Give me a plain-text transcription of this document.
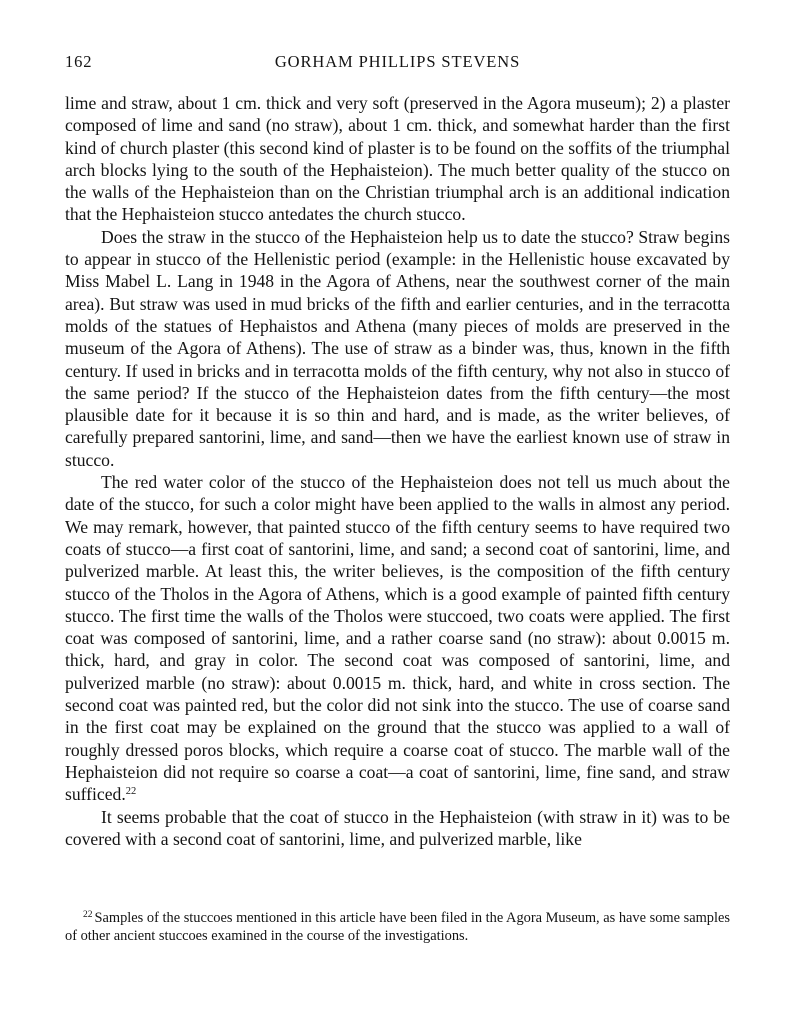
162	GORHAM PHILLIPS STEVENS

lime and straw, about 1 cm. thick and very soft (preserved in the Agora museum); 2) a plaster composed of lime and sand (no straw), about 1 cm. thick, and somewhat harder than the first kind of church plaster (this second kind of plaster is to be found on the soffits of the triumphal arch blocks lying to the south of the Hephaisteion). The much better quality of the stucco on the walls of the Hephaisteion than on the Christian triumphal arch is an additional indication that the Hephaisteion stucco antedates the church stucco.

Does the straw in the stucco of the Hephaisteion help us to date the stucco? Straw begins to appear in stucco of the Hellenistic period (example: in the Hellenistic house excavated by Miss Mabel L. Lang in 1948 in the Agora of Athens, near the southwest corner of the main area). But straw was used in mud bricks of the fifth and earlier centuries, and in the terracotta molds of the statues of Hephaistos and Athena (many pieces of molds are preserved in the museum of the Agora of Athens). The use of straw as a binder was, thus, known in the fifth century. If used in bricks and in terracotta molds of the fifth century, why not also in stucco of the same period? If the stucco of the Hephaisteion dates from the fifth century—the most plausible date for it because it is so thin and hard, and is made, as the writer believes, of carefully prepared santorini, lime, and sand—then we have the earliest known use of straw in stucco.

The red water color of the stucco of the Hephaisteion does not tell us much about the date of the stucco, for such a color might have been applied to the walls in almost any period. We may remark, however, that painted stucco of the fifth century seems to have required two coats of stucco—a first coat of santorini, lime, and sand; a second coat of santorini, lime, and pulverized marble. At least this, the writer believes, is the composition of the fifth century stucco of the Tholos in the Agora of Athens, which is a good example of painted fifth century stucco. The first time the walls of the Tholos were stuccoed, two coats were applied. The first coat was composed of santorini, lime, and a rather coarse sand (no straw): about 0.0015 m. thick, hard, and gray in color. The second coat was composed of santorini, lime, and pulverized marble (no straw): about 0.0015 m. thick, hard, and white in cross section. The second coat was painted red, but the color did not sink into the stucco. The use of coarse sand in the first coat may be explained on the ground that the stucco was applied to a wall of roughly dressed poros blocks, which require a coarse coat of stucco. The marble wall of the Hephaisteion did not require so coarse a coat—a coat of santorini, lime, fine sand, and straw sufficed.$^{22}$

It seems probable that the coat of stucco in the Hephaisteion (with straw in it) was to be covered with a second coat of santorini, lime, and pulverized marble, like

$^{22}$ Samples of the stuccoes mentioned in this article have been filed in the Agora Museum, as have some samples of other ancient stuccoes examined in the course of the investigations.
